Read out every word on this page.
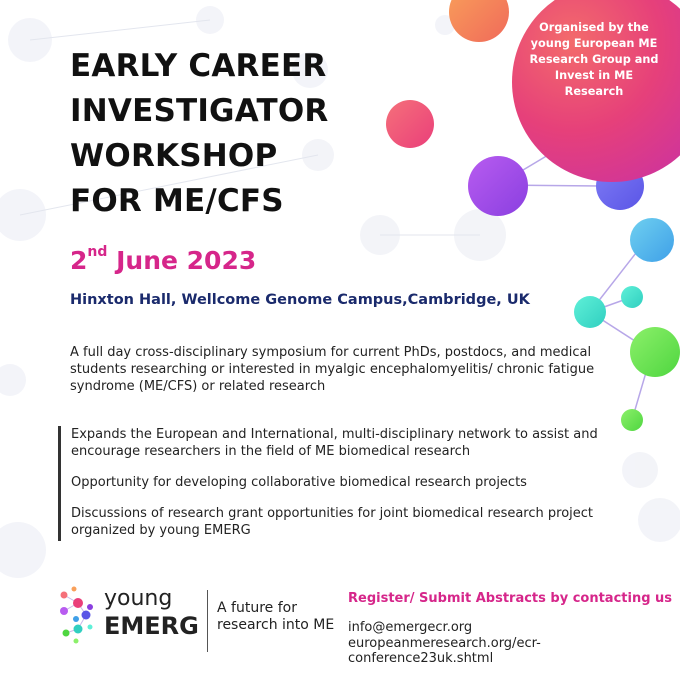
Organised by the young European ME Research Group and Invest in ME Research

EARLY CAREER
INVESTIGATOR
WORKSHOP
FOR ME/CFS
2nd June 2023
Hinxton Hall, Wellcome Genome Campus,Cambridge, UK
A full day cross-disciplinary symposium for current PhDs, postdocs, and medical students researching or interested in myalgic encephalomyelitis/ chronic fatigue syndrome (ME/CFS) or related research

Expands the European and International, multi-disciplinary network to assist and encourage researchers in the field of ME biomedical research

Opportunity for developing collaborative biomedical research projects

Discussions of research grant opportunities for joint biomedical research project organized by young EMERG

young
EMERG
A future for
research into ME
Register/ Submit Abstracts by contacting us
info@emergecr.org
europeanmeresearch.org/ecr-conference23uk.shtml
